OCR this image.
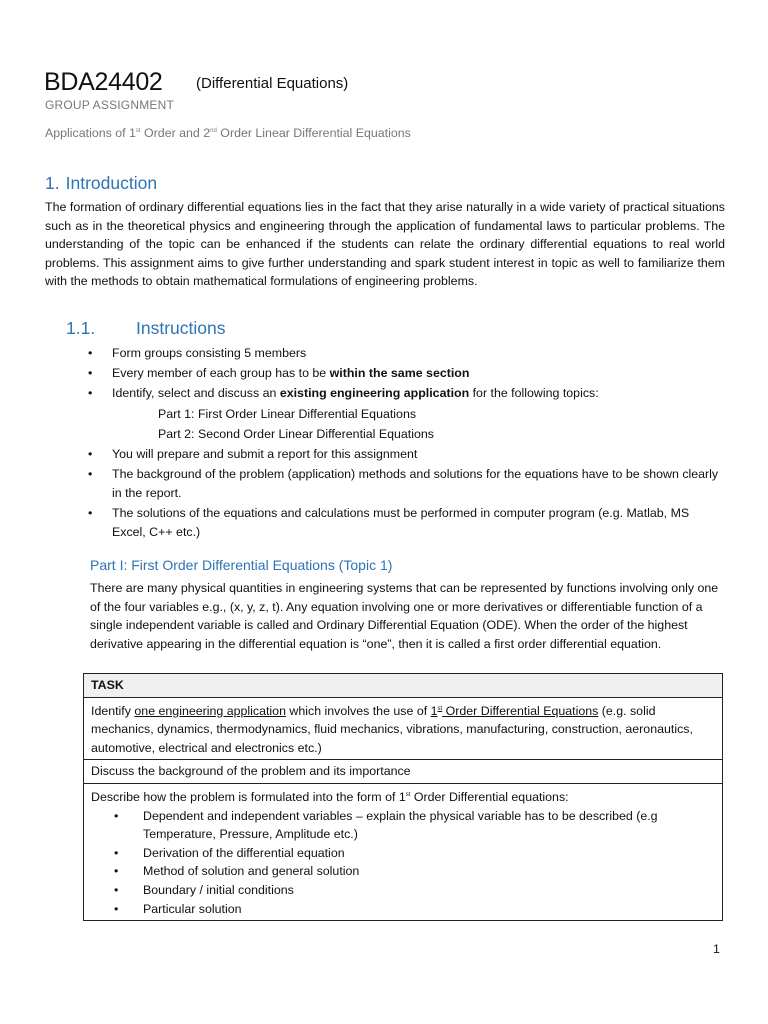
BDA24402 (Differential Equations)
GROUP ASSIGNMENT
Applications of 1st Order and 2nd Order Linear Differential Equations
1. Introduction
The formation of ordinary differential equations lies in the fact that they arise naturally in a wide variety of practical situations such as in the theoretical physics and engineering through the application of fundamental laws to particular problems. The understanding of the topic can be enhanced if the students can relate the ordinary differential equations to real world problems. This assignment aims to give further understanding and spark student interest in topic as well to familiarize them with the methods to obtain mathematical formulations of engineering problems.
1.1. Instructions
• Form groups consisting 5 members
• Every member of each group has to be within the same section
• Identify, select and discuss an existing engineering application for the following topics:
Part 1: First Order Linear Differential Equations
Part 2: Second Order Linear Differential Equations
• You will prepare and submit a report for this assignment
• The background of the problem (application) methods and solutions for the equations have to be shown clearly in the report.
• The solutions of the equations and calculations must be performed in computer program (e.g. Matlab, MS Excel, C++ etc.)
Part I: First Order Differential Equations (Topic 1)
There are many physical quantities in engineering systems that can be represented by functions involving only one of the four variables e.g., (x, y, z, t). Any equation involving one or more derivatives or differentiable function of a single independent variable is called and Ordinary Differential Equation (ODE). When the order of the highest derivative appearing in the differential equation is “one”, then it is called a first order differential equation.
TASK
Identify one engineering application which involves the use of 1st Order Differential Equations (e.g. solid mechanics, dynamics, thermodynamics, fluid mechanics, vibrations, manufacturing, construction, aeronautics, automotive, electrical and electronics etc.)
Discuss the background of the problem and its importance

Describe how the problem is formulated into the form of 1st Order Differential equations:
• Dependent and independent variables – explain the physical variable has to be described (e.g Temperature, Pressure, Amplitude etc.)
• Derivation of the differential equation
• Method of solution and general solution
• Boundary / initial conditions
• Particular solution
1
